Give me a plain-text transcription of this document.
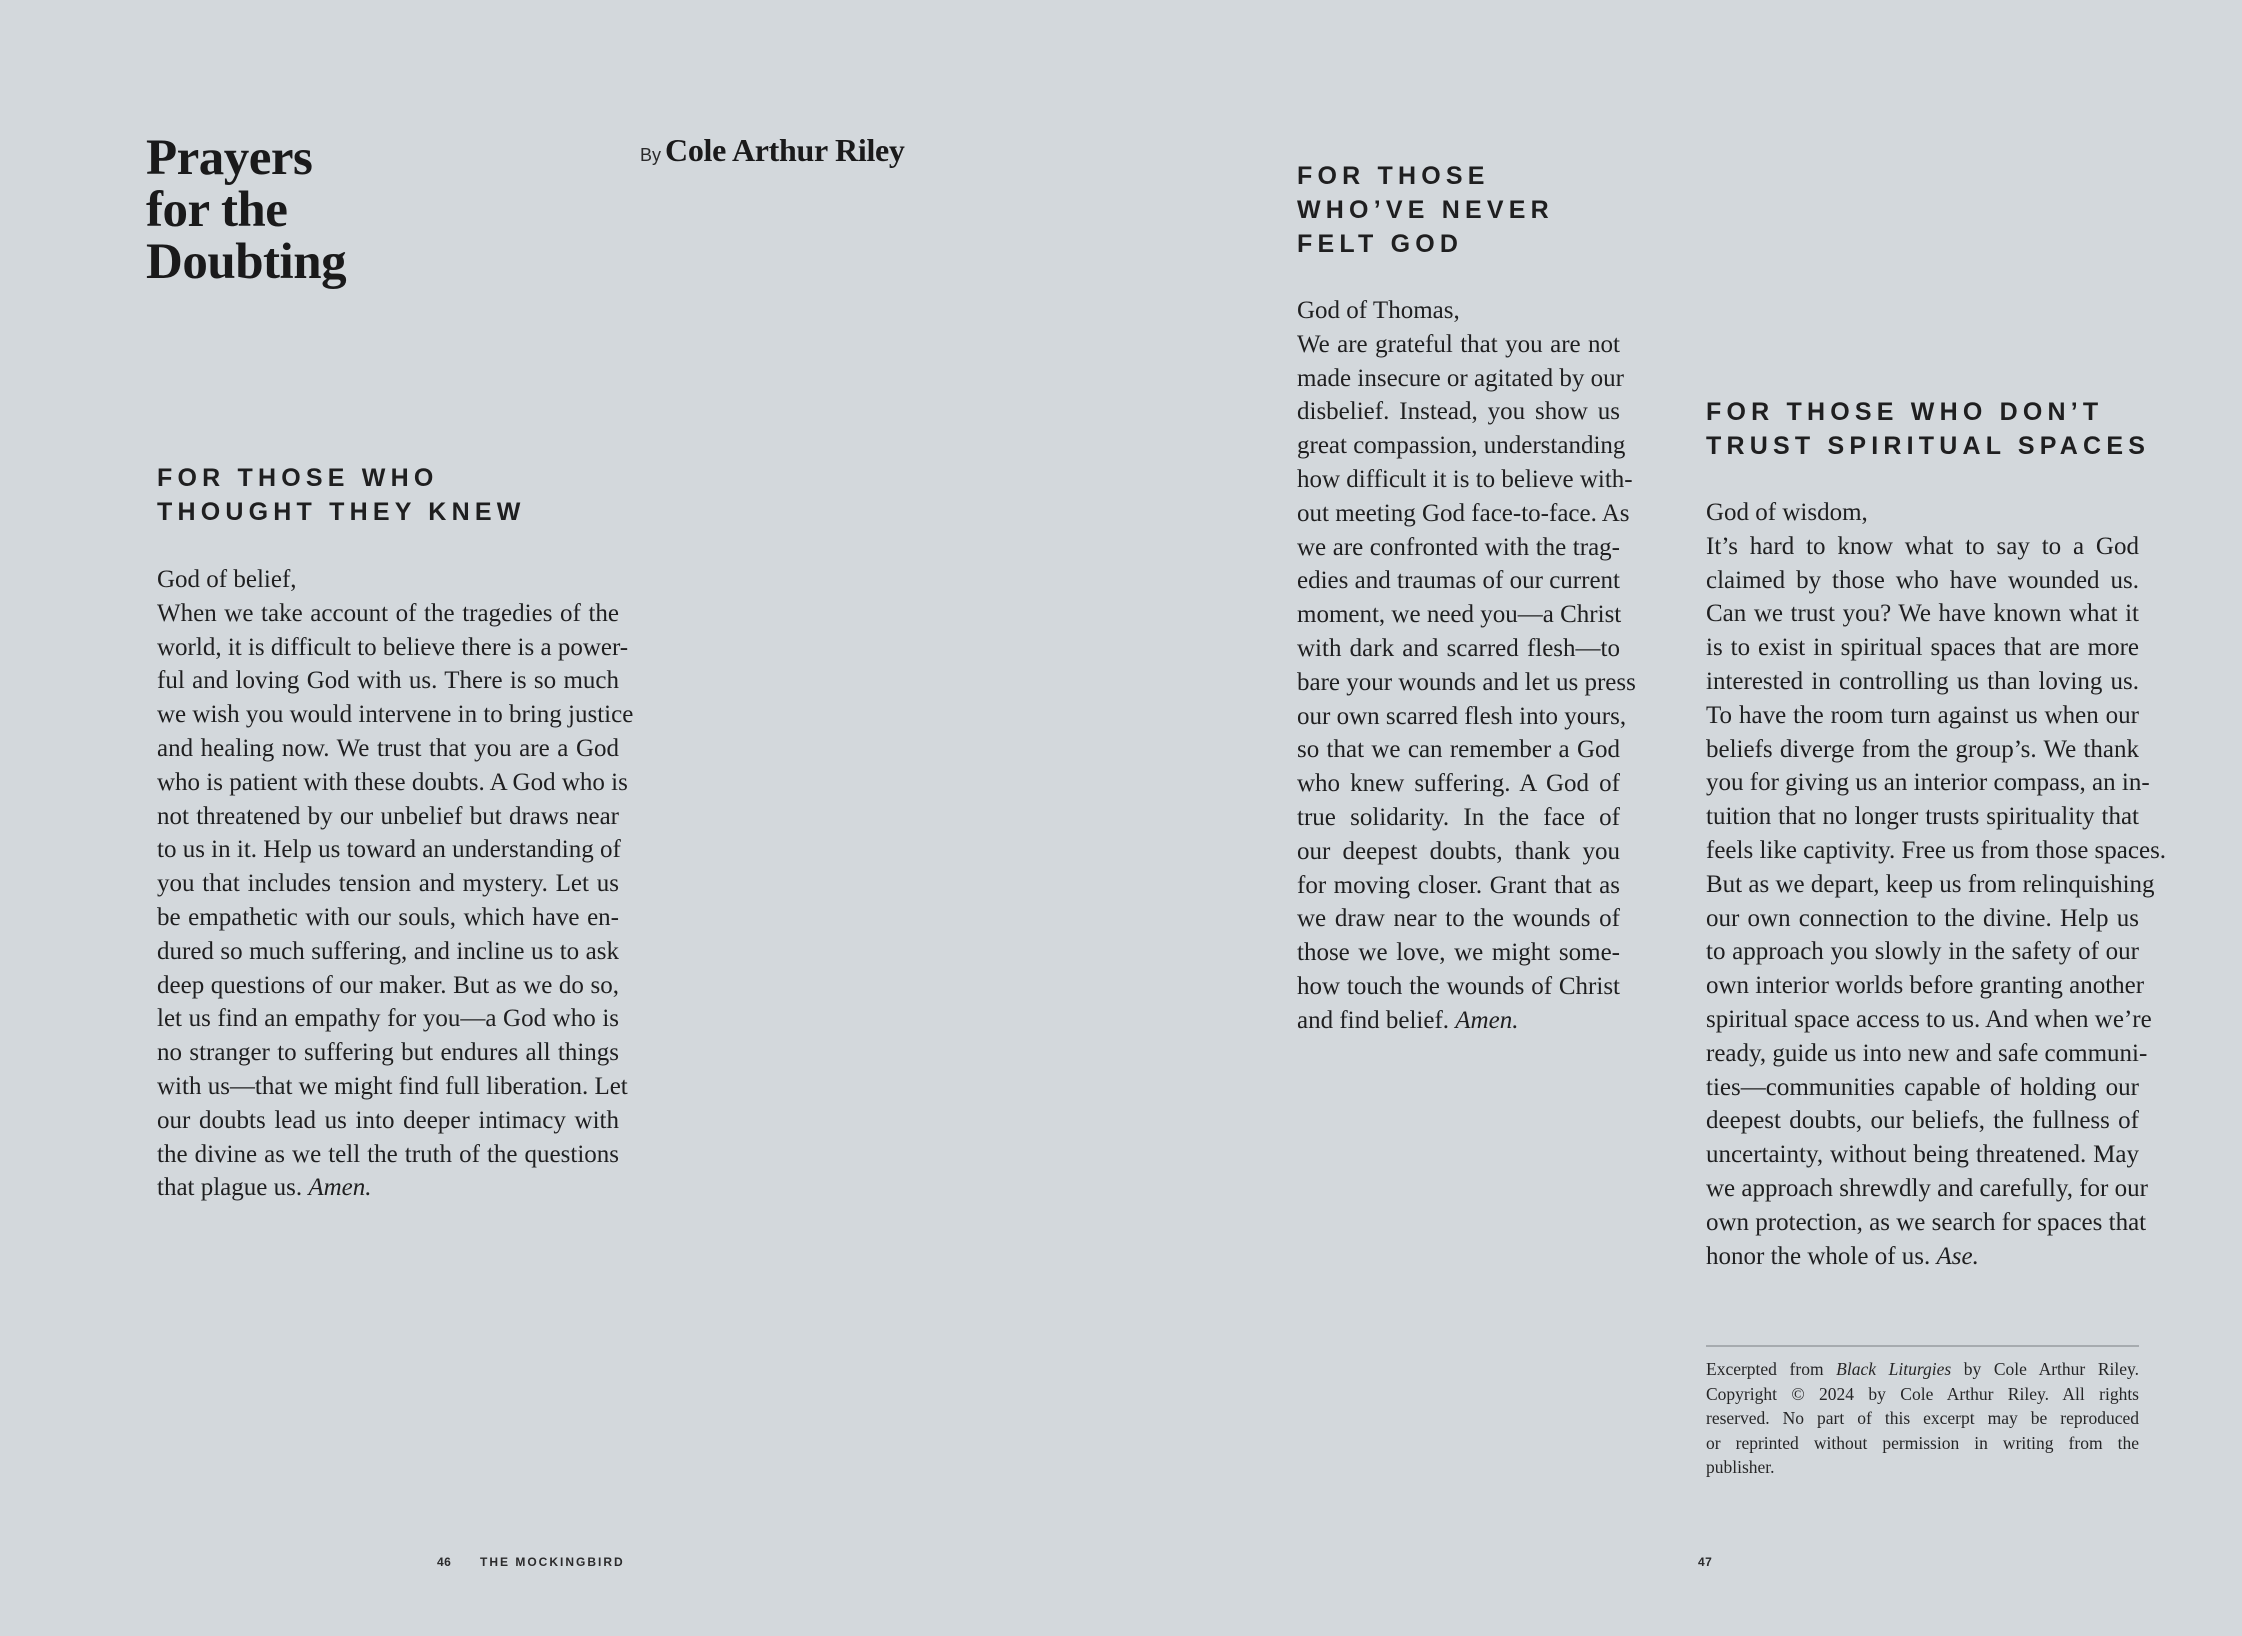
Prayers
for the
Doubting
By Cole Arthur Riley
FOR THOSE WHO
THOUGHT THEY KNEW
God of belief,
When we take account of the tragedies of the
world, it is difficult to believe there is a power-
ful and loving God with us. There is so much
we wish you would intervene in to bring justice
and healing now. We trust that you are a God
who is patient with these doubts. A God who is
not threatened by our unbelief but draws near
to us in it. Help us toward an understanding of
you that includes tension and mystery. Let us
be empathetic with our souls, which have en-
dured so much suffering, and incline us to ask
deep questions of our maker. But as we do so,
let us find an empathy for you—a God who is
no stranger to suffering but endures all things
with us—that we might find full liberation. Let
our doubts lead us into deeper intimacy with
the divine as we tell the truth of the questions
that plague us. Amen.
FOR THOSE
WHO’VE NEVER
FELT GOD
God of Thomas,
We are grateful that you are not
made insecure or agitated by our
disbelief. Instead, you show us
great compassion, understanding
how difficult it is to believe with-
out meeting God face-to-face. As
we are confronted with the trag-
edies and traumas of our current
moment, we need you—a Christ
with dark and scarred flesh—to
bare your wounds and let us press
our own scarred flesh into yours,
so that we can remember a God
who knew suffering. A God of
true solidarity. In the face of
our deepest doubts, thank you
for moving closer. Grant that as
we draw near to the wounds of
those we love, we might some-
how touch the wounds of Christ
and find belief. Amen.
FOR THOSE WHO DON’T
TRUST SPIRITUAL SPACES
God of wisdom,
It’s hard to know what to say to a God
claimed by those who have wounded us.
Can we trust you? We have known what it
is to exist in spiritual spaces that are more
interested in controlling us than loving us.
To have the room turn against us when our
beliefs diverge from the group’s. We thank
you for giving us an interior compass, an in-
tuition that no longer trusts spirituality that
feels like captivity. Free us from those spaces.
But as we depart, keep us from relinquishing
our own connection to the divine. Help us
to approach you slowly in the safety of our
own interior worlds before granting another
spiritual space access to us. And when we’re
ready, guide us into new and safe communi-
ties—communities capable of holding our
deepest doubts, our beliefs, the fullness of
uncertainty, without being threatened. May
we approach shrewdly and carefully, for our
own protection, as we search for spaces that
honor the whole of us. Ase.
Excerpted from Black Liturgies by Cole Arthur Riley.
Copyright © 2024 by Cole Arthur Riley. All rights
reserved. No part of this excerpt may be reproduced
or reprinted without permission in writing from the
publisher.
46 THE MOCKINGBIRD	47
